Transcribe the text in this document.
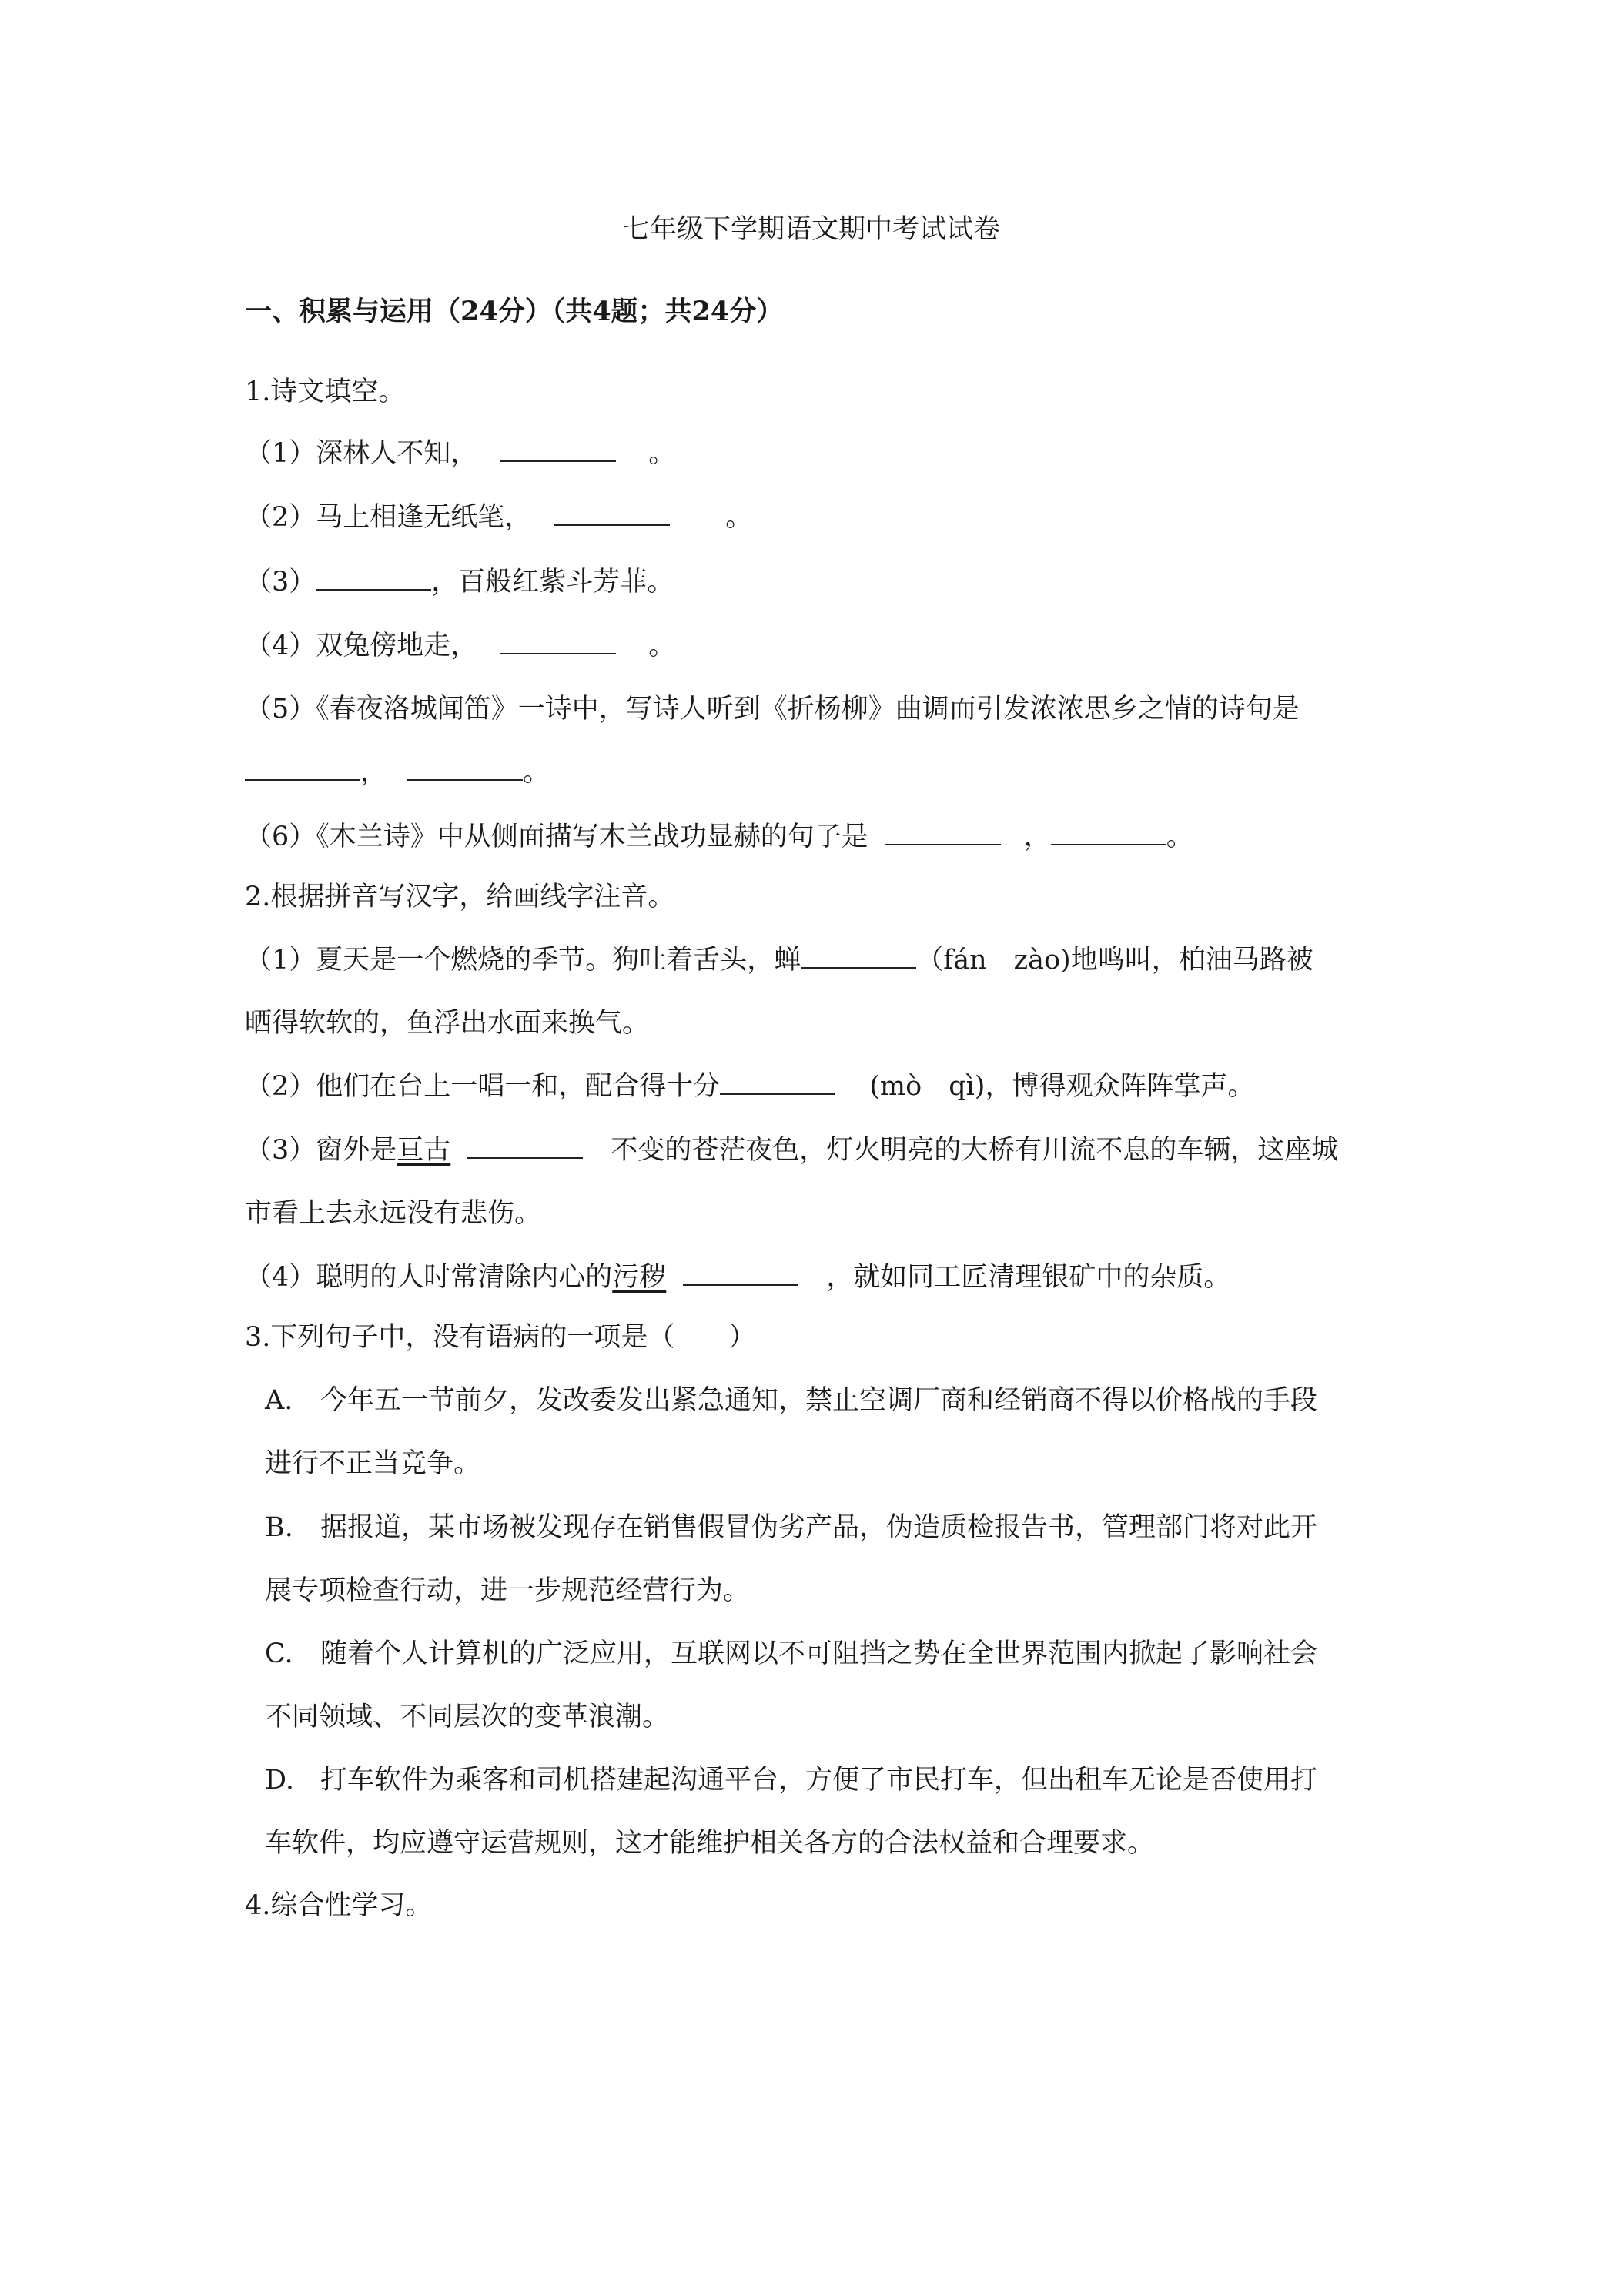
七年级下学期语文期中考试试卷

一、积累与运用（24分）（共4题；共24分）

1.诗文填空。

（1）深林人不知，	。

（2）马上相逢无纸笔，	。

（3）	，百般红紫斗芳菲。

（4）双兔傍地走，	。

（5）《春夜洛城闻笛》一诗中，写诗人听到《折杨柳》曲调而引发浓浓思乡之情的诗句是

，	。

（6）《木兰诗》中从侧面描写木兰战功显赫的句子是	，	。

2.根据拼音写汉字，给画线字注音。

（1）夏天是一个燃烧的季节。狗吐着舌头，蝉	（fán　zào)地鸣叫，柏油马路被

晒得软软的，鱼浮出水面来换气。

（2）他们在台上一唱一和，配合得十分	(mò　qì)，博得观众阵阵掌声。

（3）窗外是亘古	不变的苍茫夜色，灯火明亮的大桥有川流不息的车辆，这座城

市看上去永远没有悲伤。

（4）聪明的人时常清除内心的污秽	，就如同工匠清理银矿中的杂质。

3.下列句子中，没有语病的一项是（　　）

A. 今年五一节前夕，发改委发出紧急通知，禁止空调厂商和经销商不得以价格战的手段

进行不正当竞争。

B. 据报道，某市场被发现存在销售假冒伪劣产品，伪造质检报告书，管理部门将对此开

展专项检查行动，进一步规范经营行为。

C. 随着个人计算机的广泛应用，互联网以不可阻挡之势在全世界范围内掀起了影响社会

不同领域、不同层次的变革浪潮。

D. 打车软件为乘客和司机搭建起沟通平台，方便了市民打车，但出租车无论是否使用打

车软件，均应遵守运营规则，这才能维护相关各方的合法权益和合理要求。

4.综合性学习。
